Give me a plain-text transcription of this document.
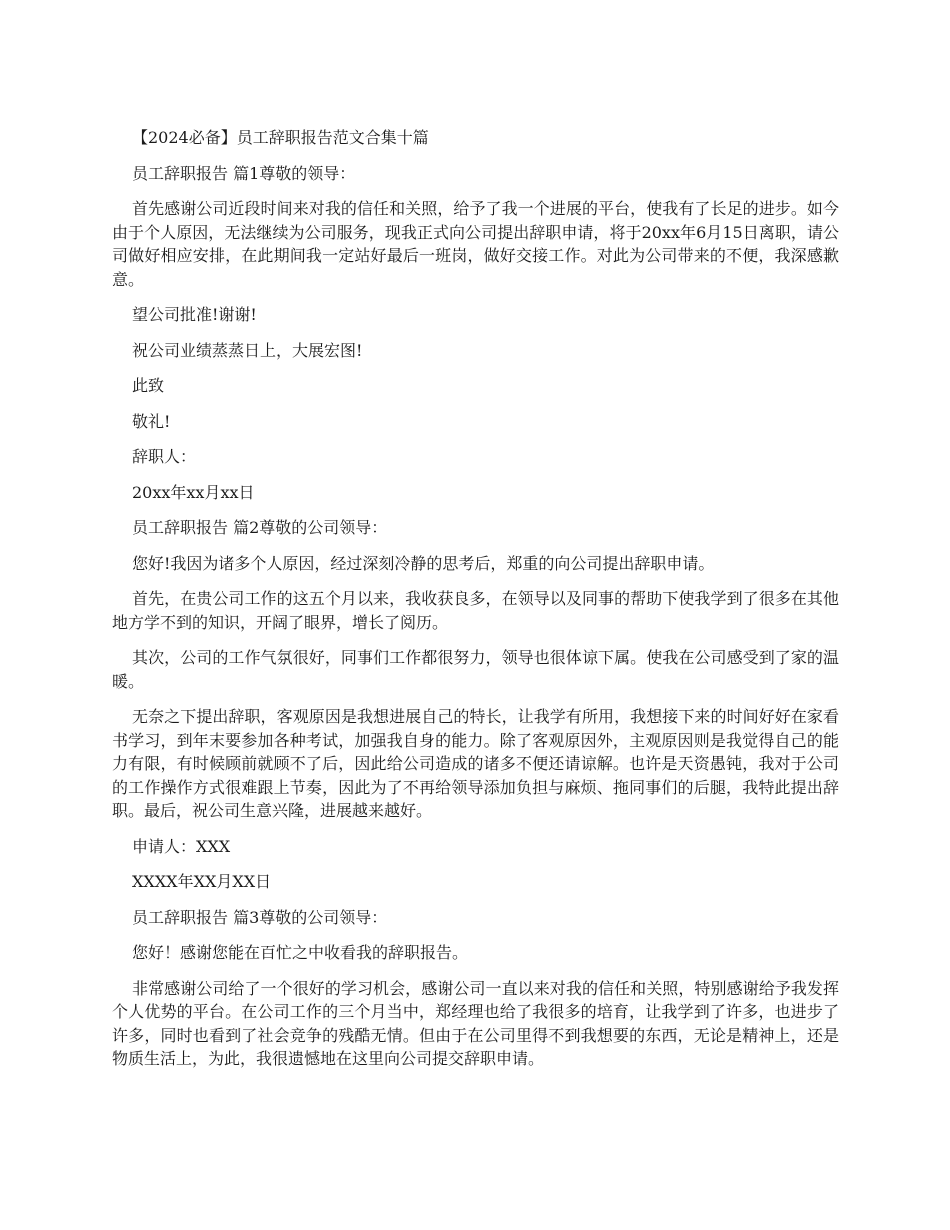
【2024必备】员工辞职报告范文合集十篇

员工辞职报告 篇1尊敬的领导：

首先感谢公司近段时间来对我的信任和关照，给予了我一个进展的平台，使我有了长足的进步。如今由于个人原因，无法继续为公司服务，现我正式向公司提出辞职申请，将于20xx年6月15日离职，请公司做好相应安排，在此期间我一定站好最后一班岗，做好交接工作。对此为公司带来的不便，我深感歉意。

望公司批准!谢谢!

祝公司业绩蒸蒸日上，大展宏图!

此致

敬礼!

辞职人：

20xx年xx月xx日

员工辞职报告 篇2尊敬的公司领导：

您好!我因为诸多个人原因，经过深刻冷静的思考后，郑重的向公司提出辞职申请。

首先，在贵公司工作的这五个月以来，我收获良多，在领导以及同事的帮助下使我学到了很多在其他地方学不到的知识，开阔了眼界，增长了阅历。

其次，公司的工作气氛很好，同事们工作都很努力，领导也很体谅下属。使我在公司感受到了家的温暖。

无奈之下提出辞职，客观原因是我想进展自己的特长，让我学有所用，我想接下来的时间好好在家看书学习，到年末要参加各种考试，加强我自身的能力。除了客观原因外，主观原因则是我觉得自己的能力有限，有时候顾前就顾不了后，因此给公司造成的诸多不便还请谅解。也许是天资愚钝，我对于公司的工作操作方式很难跟上节奏，因此为了不再给领导添加负担与麻烦、拖同事们的后腿，我特此提出辞职。最后，祝公司生意兴隆，进展越来越好。

申请人：XXX

XXXX年XX月XX日

员工辞职报告 篇3尊敬的公司领导：

您好！感谢您能在百忙之中收看我的辞职报告。

非常感谢公司给了一个很好的学习机会，感谢公司一直以来对我的信任和关照，特别感谢给予我发挥个人优势的平台。在公司工作的三个月当中，郑经理也给了我很多的培育，让我学到了许多，也进步了许多，同时也看到了社会竞争的残酷无情。但由于在公司里得不到我想要的东西，无论是精神上，还是物质生活上，为此，我很遗憾地在这里向公司提交辞职申请。
